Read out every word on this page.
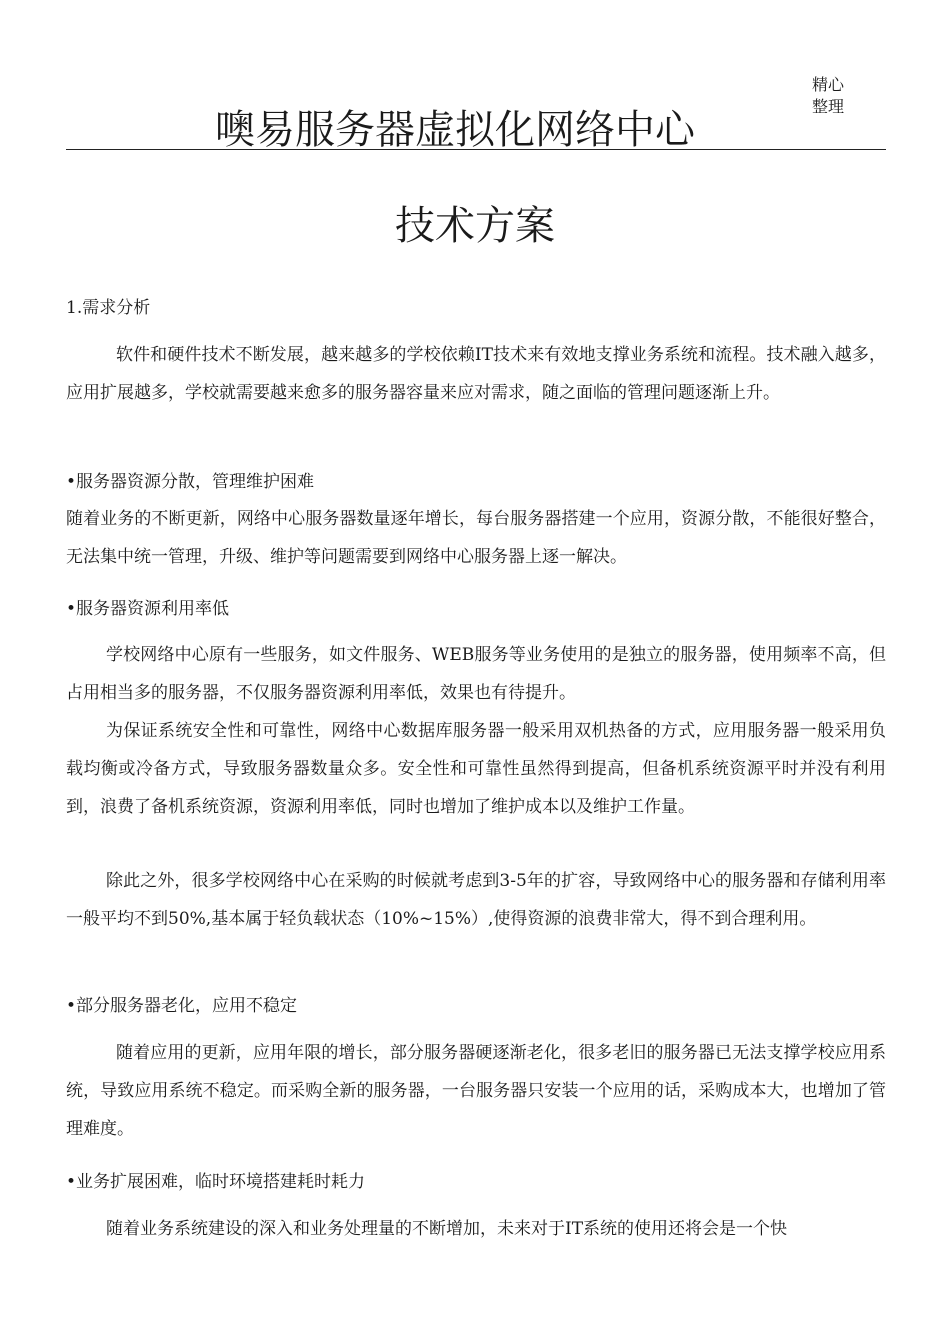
精心整理
噢易服务器虚拟化网络中心
技术方案
1.需求分析
软件和硬件技术不断发展，越来越多的学校依赖IT技术来有效地支撑业务系统和流程。技术融入越多，应用扩展越多，学校就需要越来愈多的服务器容量来应对需求，随之面临的管理问题逐渐上升。
•服务器资源分散，管理维护困难
随着业务的不断更新，网络中心服务器数量逐年增长，每台服务器搭建一个应用，资源分散，不能很好整合，无法集中统一管理，升级、维护等问题需要到网络中心服务器上逐一解决。
•服务器资源利用率低
学校网络中心原有一些服务，如文件服务、WEB服务等业务使用的是独立的服务器，使用频率不高，但占用相当多的服务器，不仅服务器资源利用率低，效果也有待提升。
为保证系统安全性和可靠性，网络中心数据库服务器一般采用双机热备的方式，应用服务器一般采用负载均衡或冷备方式，导致服务器数量众多。安全性和可靠性虽然得到提高，但备机系统资源平时并没有利用到，浪费了备机系统资源，资源利用率低，同时也增加了维护成本以及维护工作量。
除此之外，很多学校网络中心在采购的时候就考虑到3-5年的扩容，导致网络中心的服务器和存储利用率一般平均不到50%,基本属于轻负载状态（10%~15%）,使得资源的浪费非常大，得不到合理利用。
•部分服务器老化，应用不稳定
随着应用的更新，应用年限的增长，部分服务器硬逐渐老化，很多老旧的服务器已无法支撑学校应用系统，导致应用系统不稳定。而采购全新的服务器，一台服务器只安装一个应用的话，采购成本大，也增加了管理难度。
•业务扩展困难，临时环境搭建耗时耗力
随着业务系统建设的深入和业务处理量的不断增加，未来对于IT系统的使用还将会是一个快
